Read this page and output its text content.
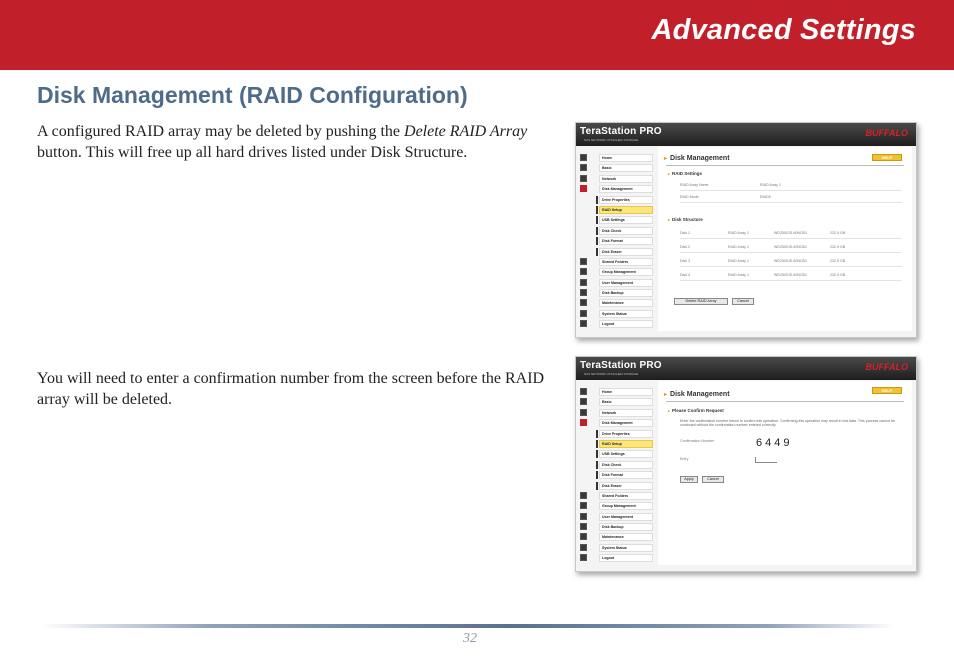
Advanced Settings
Disk Management (RAID Configuration)

A configured RAID array may be deleted by pushing the Delete RAID Array button. This will free up all hard drives listed under Disk Structure.

You will need to enter a confirmation number from the screen before the RAID array will be deleted.

TeraStation PRO
NAS NETWORK ATTACHED STORAGE
BUFFALO
Home
Basic
Network
Disk Management
Drive Properties
RAID Setup
USB Settings
Disk Check
Disk Format
Disk Eraser
Shared Folders
Group Management
User Management
Disk Backup
Maintenance
System Status
Logout
▸ Disk Management	HELP
▸ RAID Settings
RAID Array Name	RAID Array 1
RAID Mode	RAID5
▸ Disk Structure
Disk 1	RAID Array 1	WD2500JS-60NCB1	232.9 GB
Disk 2	RAID Array 1	WD2500JS-60NCB1	232.9 GB
Disk 3	RAID Array 1	WD2500JS-60NCB1	232.9 GB
Disk 4	RAID Array 1	WD2500JS-60NCB1	232.9 GB
Delete RAID Array	Cancel
TeraStation PRO
NAS NETWORK ATTACHED STORAGE
BUFFALO
Home
Basic
Network
Disk Management
Drive Properties
RAID Setup
USB Settings
Disk Check
Disk Format
Disk Eraser
Shared Folders
Group Management
User Management
Disk Backup
Maintenance
System Status
Logout
▸ Disk Management
HELP
▸ Please Confirm Request
Enter the confirmation number below to confirm this operation. Confirming this operation may result in lost data. This process cannot be continued without the confirmation number entered correctly.
Confirmation Number	6449
Entry
Apply	Cancel
32
